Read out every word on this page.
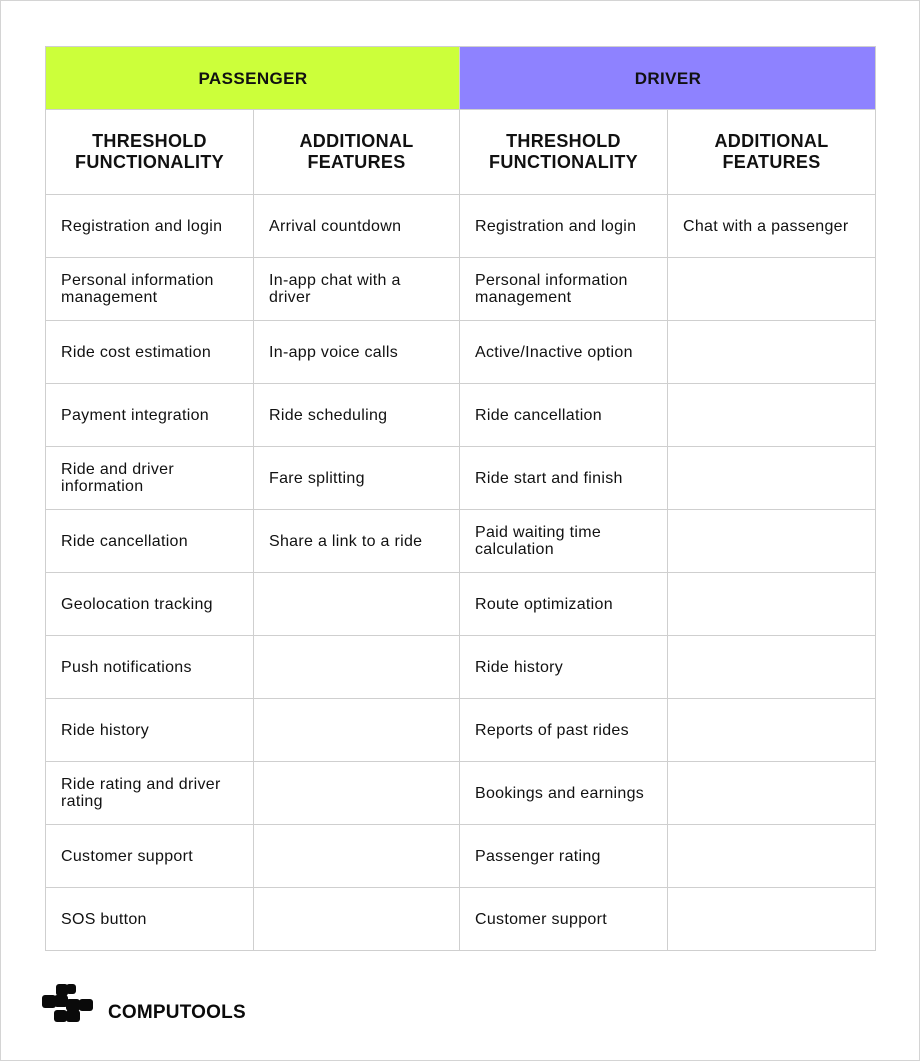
PASSENGER		DRIVER	
THRESHOLD FUNCTIONALITY	ADDITIONAL FEATURES	THRESHOLD FUNCTIONALITY	ADDITIONAL FEATURES
Registration and login	Arrival countdown	Registration and login	Chat with a passenger
Personal information management	In-app chat with a driver	Personal information management	
Ride cost estimation	In-app voice calls	Active/Inactive option	
Payment integration	Ride scheduling	Ride cancellation	
Ride and driver information	Fare splitting	Ride start and finish	
Ride cancellation	Share a link to a ride	Paid waiting time calculation	
Geolocation tracking		Route optimization	
Push notifications		Ride history	
Ride history		Reports of past rides	
Ride rating and driver rating		Bookings and earnings	
Customer support		Passenger rating	
SOS button		Customer support	
COMPUTOOLS
